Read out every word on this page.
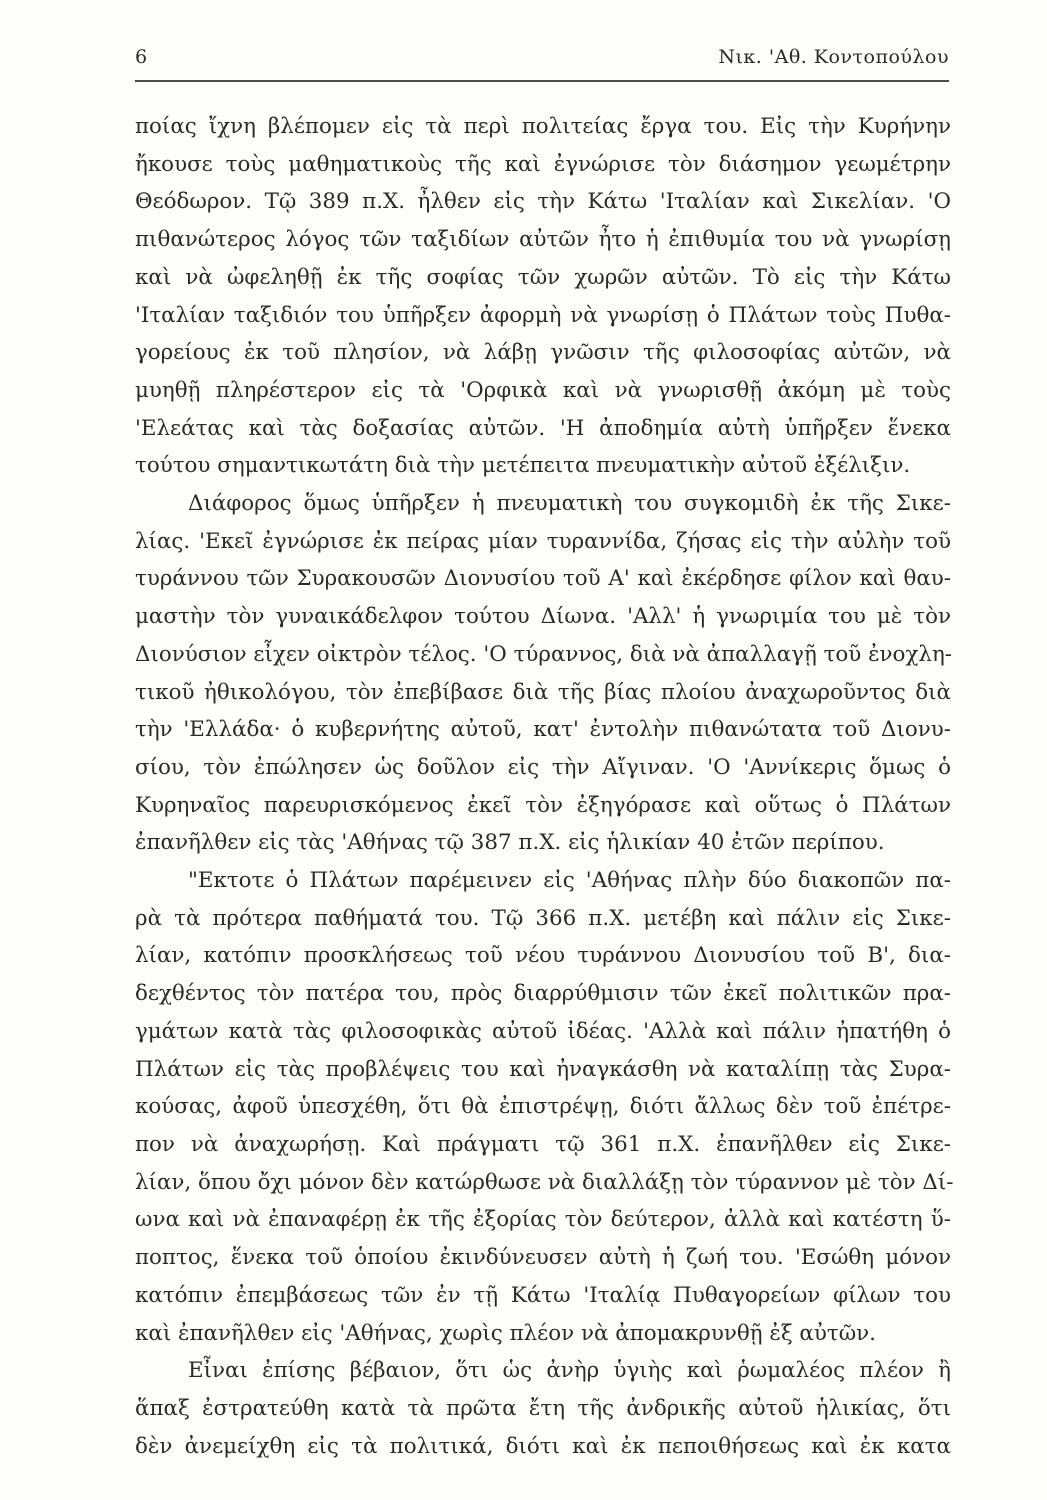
6	Νικ. 'Αθ. Κοντοπούλου
ποίας ἴχνη βλέπομεν εἰς τὰ περὶ πολιτείας ἔργα του. Εἰς τὴν Κυρήνην
ἤκουσε τοὺς μαθηματικοὺς τῆς καὶ ἐγνώρισε τὸν διάσημον γεωμέτρην
Θεόδωρον. Τῷ 389 π.Χ. ἦλθεν εἰς τὴν Κάτω 'Ιταλίαν καὶ Σικελίαν. 'Ο
πιθανώτερος λόγος τῶν ταξιδίων αὐτῶν ἦτο ἡ ἐπιθυμία του νὰ γνωρίσῃ
καὶ νὰ ὠφεληθῇ ἐκ τῆς σοφίας τῶν χωρῶν αὐτῶν. Τὸ εἰς τὴν Κάτω
'Ιταλίαν ταξιδιόν του ὑπῆρξεν ἀφορμὴ νὰ γνωρίσῃ ὁ Πλάτων τοὺς Πυθα-
γορείους ἐκ τοῦ πλησίον, νὰ λάβῃ γνῶσιν τῆς φιλοσοφίας αὐτῶν, νὰ
μυηθῇ πληρέστερον εἰς τὰ 'Ορφικὰ καὶ νὰ γνωρισθῇ ἀκόμη μὲ τοὺς
'Ελεάτας καὶ τὰς δοξασίας αὐτῶν. 'Η ἀποδημία αὐτὴ ὑπῆρξεν ἕνεκα
τούτου σημαντικωτάτη διὰ τὴν μετέπειτα πνευματικὴν αὐτοῦ ἐξέλιξιν.
Διάφορος ὅμως ὑπῆρξεν ἡ πνευματικὴ του συγκομιδὴ ἐκ τῆς Σικε-
λίας. 'Εκεῖ ἐγνώρισε ἐκ πείρας μίαν τυραννίδα, ζήσας εἰς τὴν αὐλὴν τοῦ
τυράννου τῶν Συρακουσῶν Διονυσίου τοῦ Α' καὶ ἐκέρδησε φίλον καὶ θαυ-
μαστὴν τὸν γυναικάδελφον τούτου Δίωνα. 'Αλλ' ἡ γνωριμία του μὲ τὸν
Διονύσιον εἶχεν οἰκτρὸν τέλος. 'Ο τύραννος, διὰ νὰ ἀπαλλαγῇ τοῦ ἐνοχλη-
τικοῦ ἠθικολόγου, τὸν ἐπεβίβασε διὰ τῆς βίας πλοίου ἀναχωροῦντος διὰ
τὴν 'Ελλάδα· ὁ κυβερνήτης αὐτοῦ, κατ' ἐντολὴν πιθανώτατα τοῦ Διονυ-
σίου, τὸν ἐπώλησεν ὡς δοῦλον εἰς τὴν Αἴγιναν. 'Ο 'Αννίκερις ὅμως ὁ
Κυρηναῖος παρευρισκόμενος ἐκεῖ τὸν ἐξηγόρασε καὶ οὕτως ὁ Πλάτων
ἐπανῆλθεν εἰς τὰς 'Αθήνας τῷ 387 π.Χ. εἰς ἡλικίαν 40 ἐτῶν περίπου.
"Εκτοτε ὁ Πλάτων παρέμεινεν εἰς 'Αθήνας πλὴν δύο διακοπῶν πα-
ρὰ τὰ πρότερα παθήματά του. Τῷ 366 π.Χ. μετέβη καὶ πάλιν εἰς Σικε-
λίαν, κατόπιν προσκλήσεως τοῦ νέου τυράννου Διονυσίου τοῦ Β', δια-
δεχθέντος τὸν πατέρα του, πρὸς διαρρύθμισιν τῶν ἐκεῖ πολιτικῶν πρα-
γμάτων κατὰ τὰς φιλοσοφικὰς αὐτοῦ ἰδέας. 'Αλλὰ καὶ πάλιν ἠπατήθη ὁ
Πλάτων εἰς τὰς προβλέψεις του καὶ ἠναγκάσθη νὰ καταλίπῃ τὰς Συρα-
κούσας, ἀφοῦ ὑπεσχέθη, ὅτι θὰ ἐπιστρέψῃ, διότι ἄλλως δὲν τοῦ ἐπέτρε-
πον νὰ ἀναχωρήσῃ. Καὶ πράγματι τῷ 361 π.Χ. ἐπανῆλθεν εἰς Σικε-
λίαν, ὅπου ὄχι μόνον δὲν κατώρθωσε νὰ διαλλάξῃ τὸν τύραννον μὲ τὸν Δί-
ωνα καὶ νὰ ἐπαναφέρῃ ἐκ τῆς ἐξορίας τὸν δεύτερον, ἀλλὰ καὶ κατέστη ὕ-
ποπτος, ἕνεκα τοῦ ὁποίου ἐκινδύνευσεν αὐτὴ ἡ ζωή του. 'Εσώθη μόνον
κατόπιν ἐπεμβάσεως τῶν ἐν τῇ Κάτω 'Ιταλίᾳ Πυθαγορείων φίλων του
καὶ ἐπανῆλθεν εἰς 'Αθήνας, χωρὶς πλέον νὰ ἀπομακρυνθῇ ἐξ αὐτῶν.
Εἶναι ἐπίσης βέβαιον, ὅτι ὡς ἀνὴρ ὑγιὴς καὶ ῥωμαλέος πλέον ἢ
ἅπαξ ἐστρατεύθη κατὰ τὰ πρῶτα ἔτη τῆς ἀνδρικῆς αὐτοῦ ἡλικίας, ὅτι
δὲν ἀνεμείχθη εἰς τὰ πολιτικά, διότι καὶ ἐκ πεποιθήσεως καὶ ἐκ κατα
